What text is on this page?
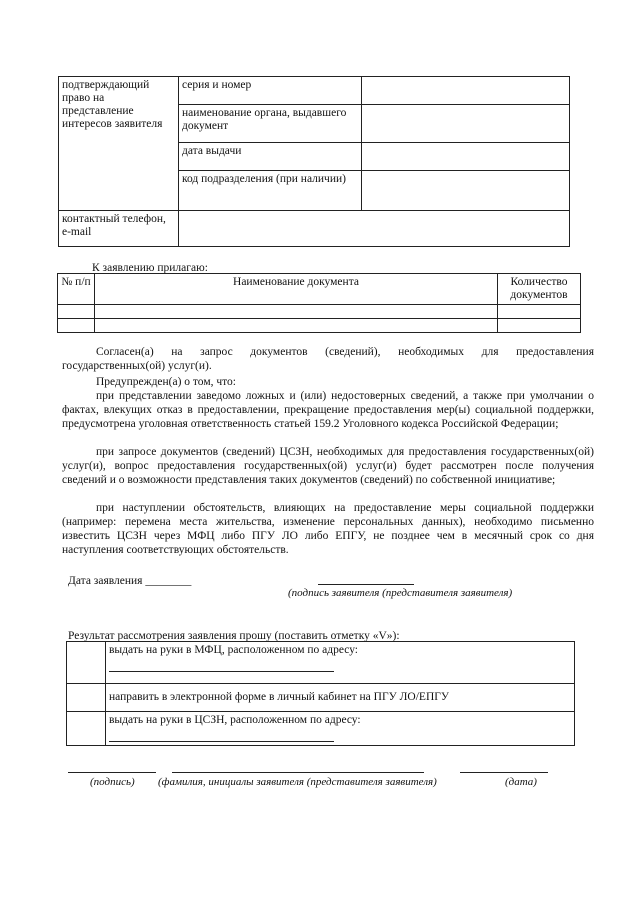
подтверждающий право на представление интересов заявителя	серия и номер	
	наименование органа, выдавшего документ	
	дата выдачи	
	код подразделения (при наличии)	
контактный телефон, e-mail		
К заявлению прилагаю:
№ п/п	Наименование документа	Количество документов

Согласен(а) на запрос документов (сведений), необходимых для предоставления государственных(ой) услуг(и).
Предупрежден(а) о том, что:
при представлении заведомо ложных и (или) недостоверных сведений, а также при умолчании о фактах, влекущих отказ в предоставлении, прекращение предоставления мер(ы) социальной поддержки, предусмотрена уголовная ответственность статьей 159.2 Уголовного кодекса Российской Федерации;
при запросе документов (сведений) ЦСЗН, необходимых для предоставления государственных(ой) услуг(и), вопрос предоставления государственных(ой) услуг(и) будет рассмотрен после получения сведений и о возможности представления таких документов (сведений) по собственной инициативе;
при наступлении обстоятельств, влияющих на предоставление меры социальной поддержки (например: перемена места жительства, изменение персональных данных), необходимо письменно известить ЦСЗН через МФЦ либо ПГУ ЛО либо ЕПГУ, не позднее чем в месячный срок со дня наступления соответствующих обстоятельств.
Дата заявления ________
(подпись заявителя (представителя заявителя)
Результат рассмотрения заявления прошу (поставить отметку «V»):
	выдать на руки в МФЦ, расположенном по адресу:

	направить в электронной форме в личный кабинет на ПГУ ЛО/ЕПГУ
	выдать на руки в ЦСЗН, расположенном по адресу:
(подпись) (фамилия, инициалы заявителя (представителя заявителя)	(дата)
